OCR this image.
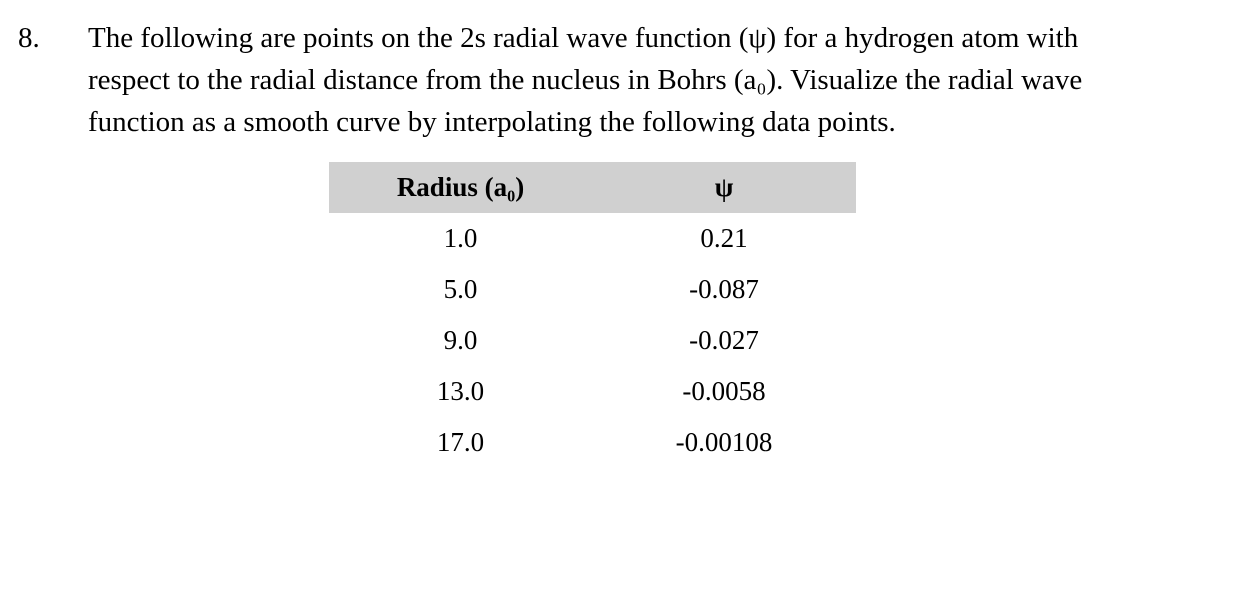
8. The following are points on the 2s radial wave function (ψ) for a hydrogen atom with
respect to the radial distance from the nucleus in Bohrs (a₀). Visualize the radial wave
function as a smooth curve by interpolating the following data points.
Radius (a₀)	ψ
1.0	0.21
5.0	-0.087
9.0	-0.027
13.0	-0.0058
17.0	-0.00108
